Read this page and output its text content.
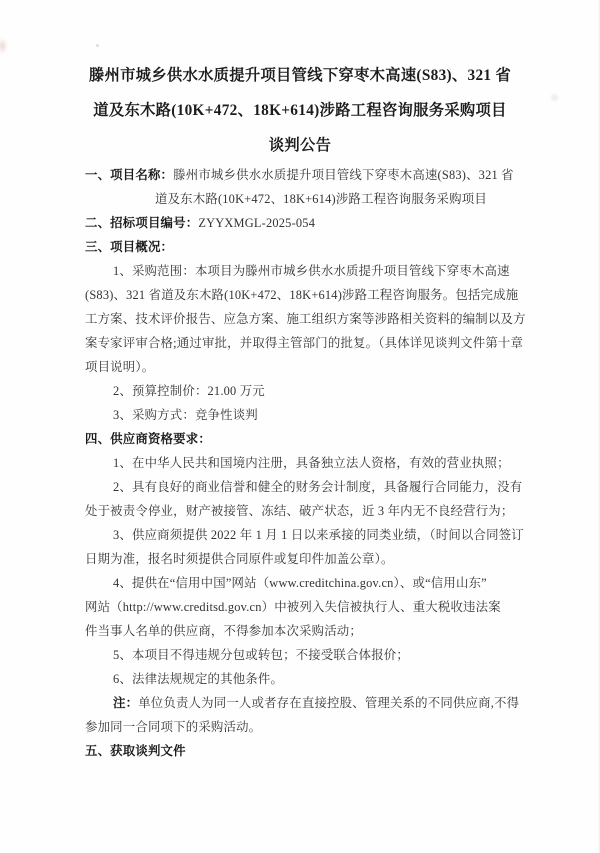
滕州市城乡供水水质提升项目管线下穿枣木高速(S83)、321 省

道及东木路(10K+472、18K+614)涉路工程咨询服务采购项目

谈判公告

一、项目名称：滕州市城乡供水水质提升项目管线下穿枣木高速(S83)、321 省

道及东木路(10K+472、18K+614)涉路工程咨询服务采购项目

二、招标项目编号：ZYYXMGL-2025-054

三、项目概况：

1、采购范围：本项目为滕州市城乡供水水质提升项目管线下穿枣木高速

(S83)、321 省道及东木路(10K+472、18K+614)涉路工程咨询服务。包括完成施

工方案、技术评价报告、应急方案、施工组织方案等涉路相关资料的编制以及方

案专家评审合格;通过审批，并取得主管部门的批复。（具体详见谈判文件第十章

项目说明）。

2、预算控制价：21.00 万元

3、采购方式：竞争性谈判

四、供应商资格要求：

1、在中华人民共和国境内注册，具备独立法人资格，有效的营业执照；

2、具有良好的商业信誉和健全的财务会计制度，具备履行合同能力，没有

处于被责令停业，财产被接管、冻结、破产状态，近 3 年内无不良经营行为；

3、供应商须提供 2022 年 1 月 1 日以来承接的同类业绩，（时间以合同签订

日期为准，报名时须提供合同原件或复印件加盖公章）。

4、提供在“信用中国”网站（www.creditchina.gov.cn）、或“信用山东”

网站（http://www.creditsd.gov.cn）中被列入失信被执行人、重大税收违法案

件当事人名单的供应商，不得参加本次采购活动；

5、本项目不得违规分包或转包；不接受联合体报价；

6、法律法规规定的其他条件。

注：单位负责人为同一人或者存在直接控股、管理关系的不同供应商,不得

参加同一合同项下的采购活动。

五、获取谈判文件
